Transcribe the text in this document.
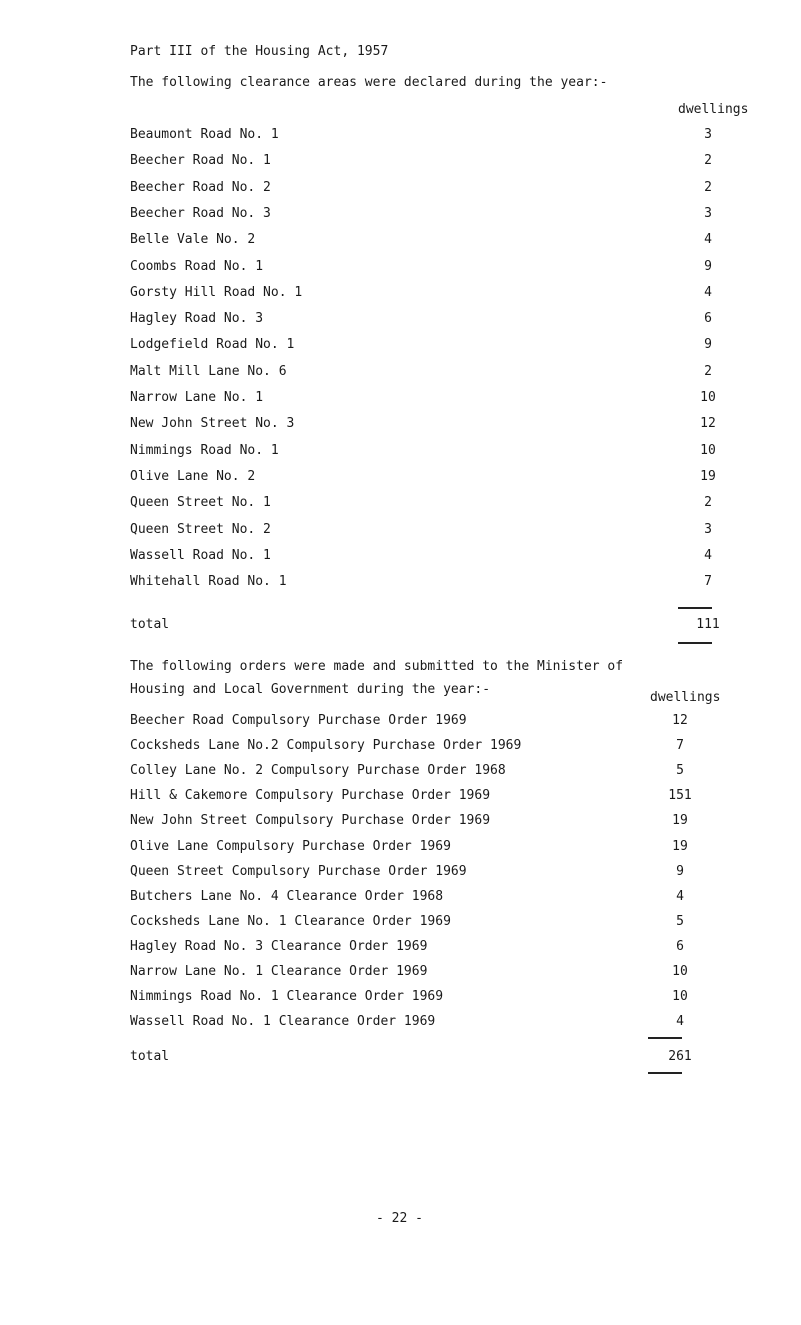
Part III of the Housing Act, 1957
The following clearance areas were declared during the year:-
dwellings
Beaumont Road No. 1	3
Beecher Road No. 1	2
Beecher Road No. 2	2
Beecher Road No. 3	3
Belle Vale No. 2	4
Coombs Road No. 1	9
Gorsty Hill Road No. 1	4
Hagley Road No. 3	6
Lodgefield Road No. 1	9
Malt Mill Lane No. 6	2
Narrow Lane No. 1	10
New John Street No. 3	12
Nimmings Road No. 1	10
Olive Lane No. 2	19
Queen Street No. 1	2
Queen Street No. 2	3
Wassell Road No. 1	4
Whitehall Road No. 1	7
total	111
The following orders were made and submitted to the Minister of
Housing and Local Government during the year:-
dwellings
Beecher Road Compulsory Purchase Order 1969	12
Cocksheds Lane No.2 Compulsory Purchase Order 1969	7
Colley Lane No. 2 Compulsory Purchase Order 1968	5
Hill & Cakemore Compulsory Purchase Order 1969	151
New John Street Compulsory Purchase Order 1969	19
Olive Lane Compulsory Purchase Order 1969	19
Queen Street Compulsory Purchase Order 1969	9
Butchers Lane No. 4 Clearance Order 1968	4
Cocksheds Lane No. 1 Clearance Order 1969	5
Hagley Road No. 3 Clearance Order 1969	6
Narrow Lane No. 1 Clearance Order 1969	10
Nimmings Road No. 1 Clearance Order 1969	10
Wassell Road No. 1 Clearance Order 1969	4
total	261
- 22 -
